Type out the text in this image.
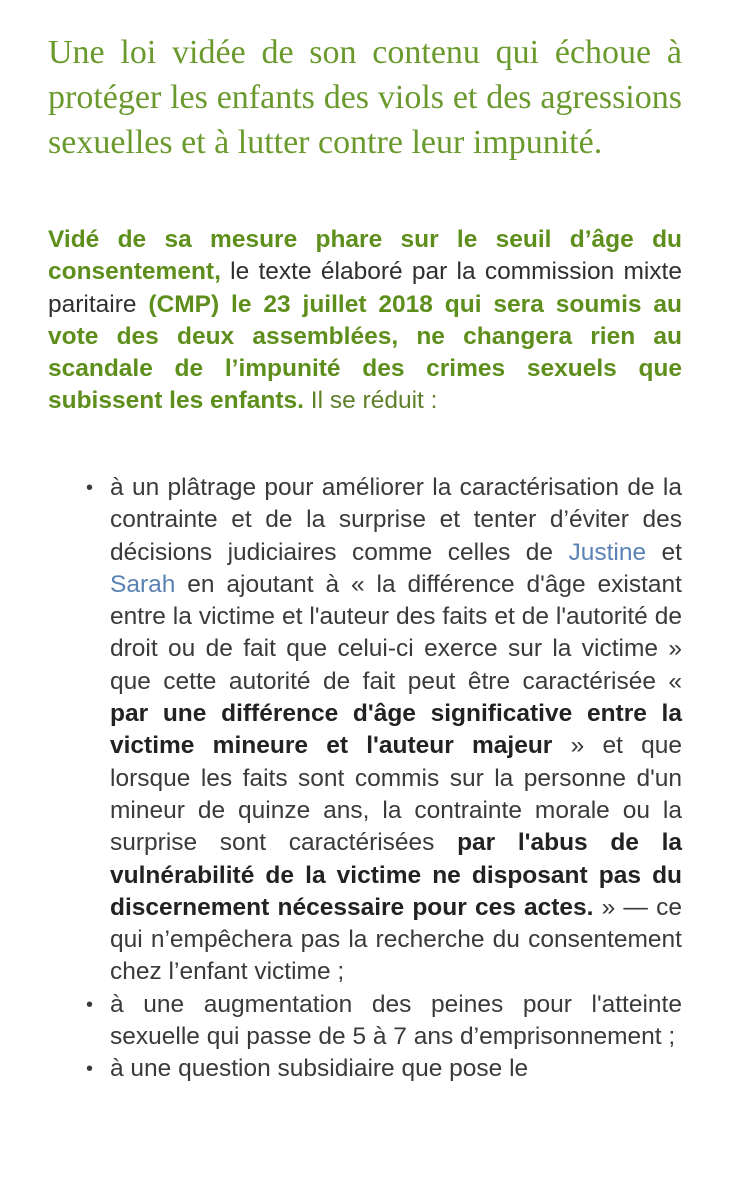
Une loi vidée de son contenu qui échoue à protéger les enfants des viols et des agressions sexuelles et à lutter contre leur impunité.

Vidé de sa mesure phare sur le seuil d’âge du consentement, le texte élaboré par la commission mixte paritaire (CMP) le 23 juillet 2018 qui sera soumis au vote des deux assemblées, ne changera rien au scandale de l’impunité des crimes sexuels que subissent les enfants. Il se réduit :

• à un plâtrage pour améliorer la caractérisation de la contrainte et de la surprise et tenter d’éviter des décisions judiciaires comme celles de Justine et Sarah en ajoutant à « la différence d'âge existant entre la victime et l'auteur des faits et de l'autorité de droit ou de fait que celui-ci exerce sur la victime » que cette autorité de fait peut être caractérisée « par une différence d'âge significative entre la victime mineure et l'auteur majeur » et que lorsque les faits sont commis sur la personne d'un mineur de quinze ans, la contrainte morale ou la surprise sont caractérisées par l'abus de la vulnérabilité de la victime ne disposant pas du discernement nécessaire pour ces actes. » — ce qui n’empêchera pas la recherche du consentement chez l’enfant victime ;
• à une augmentation des peines pour l'atteinte sexuelle qui passe de 5 à 7 ans d’emprisonnement ;
• à une question subsidiaire que pose le
